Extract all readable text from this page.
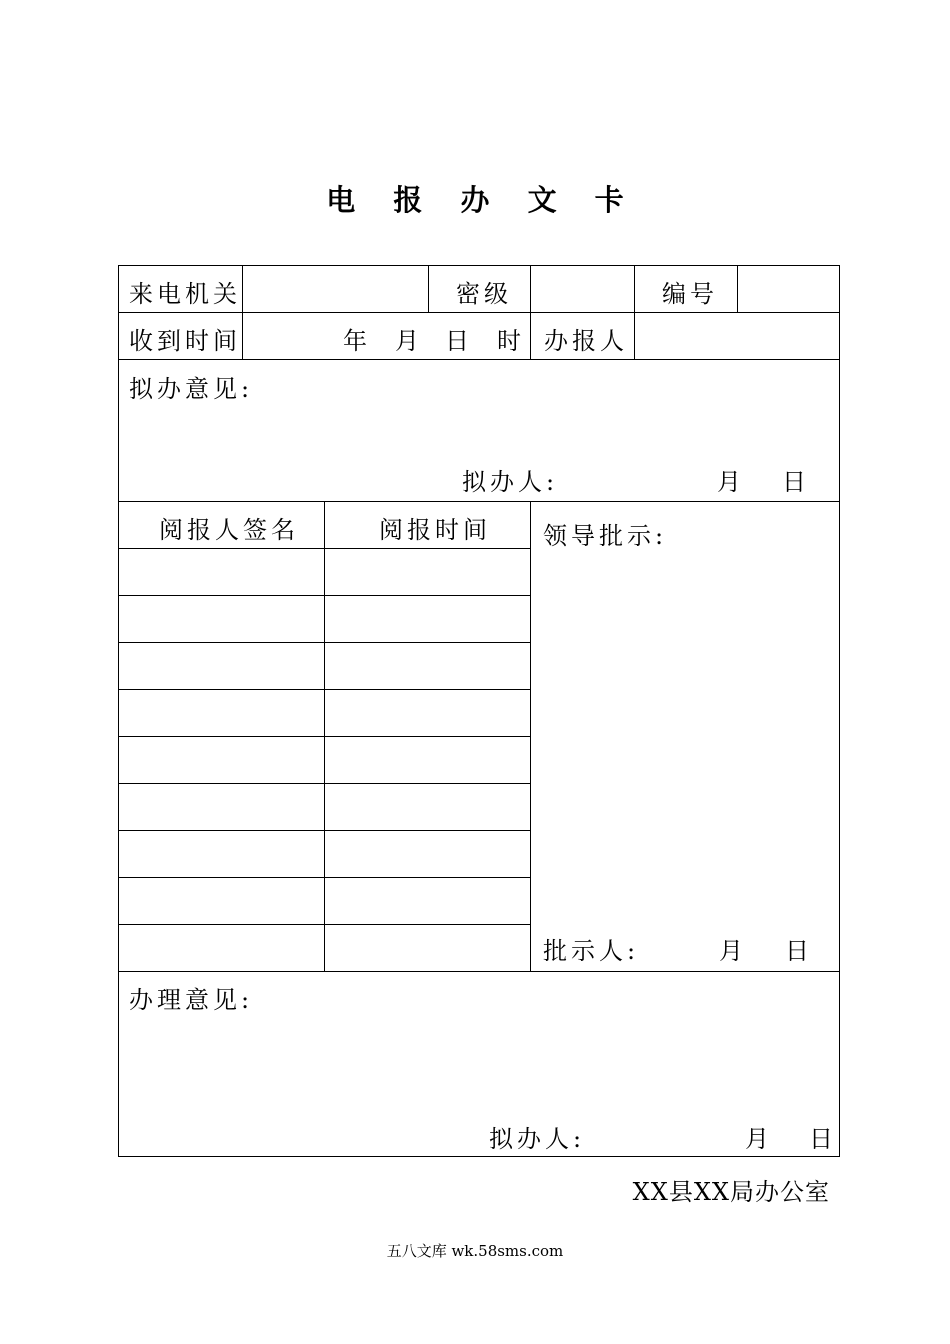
电 报 办 文 卡
来电机关	密级	编号
收到时间	年 月 日 时 办报人
拟办意见:
拟办人:	月 日
阅报人签名	阅报时间 领导批示:
批示人:	月 日
办理意见:
拟办人:	月 日
XX县XX局办公室
五八文库 wk.58sms.com
